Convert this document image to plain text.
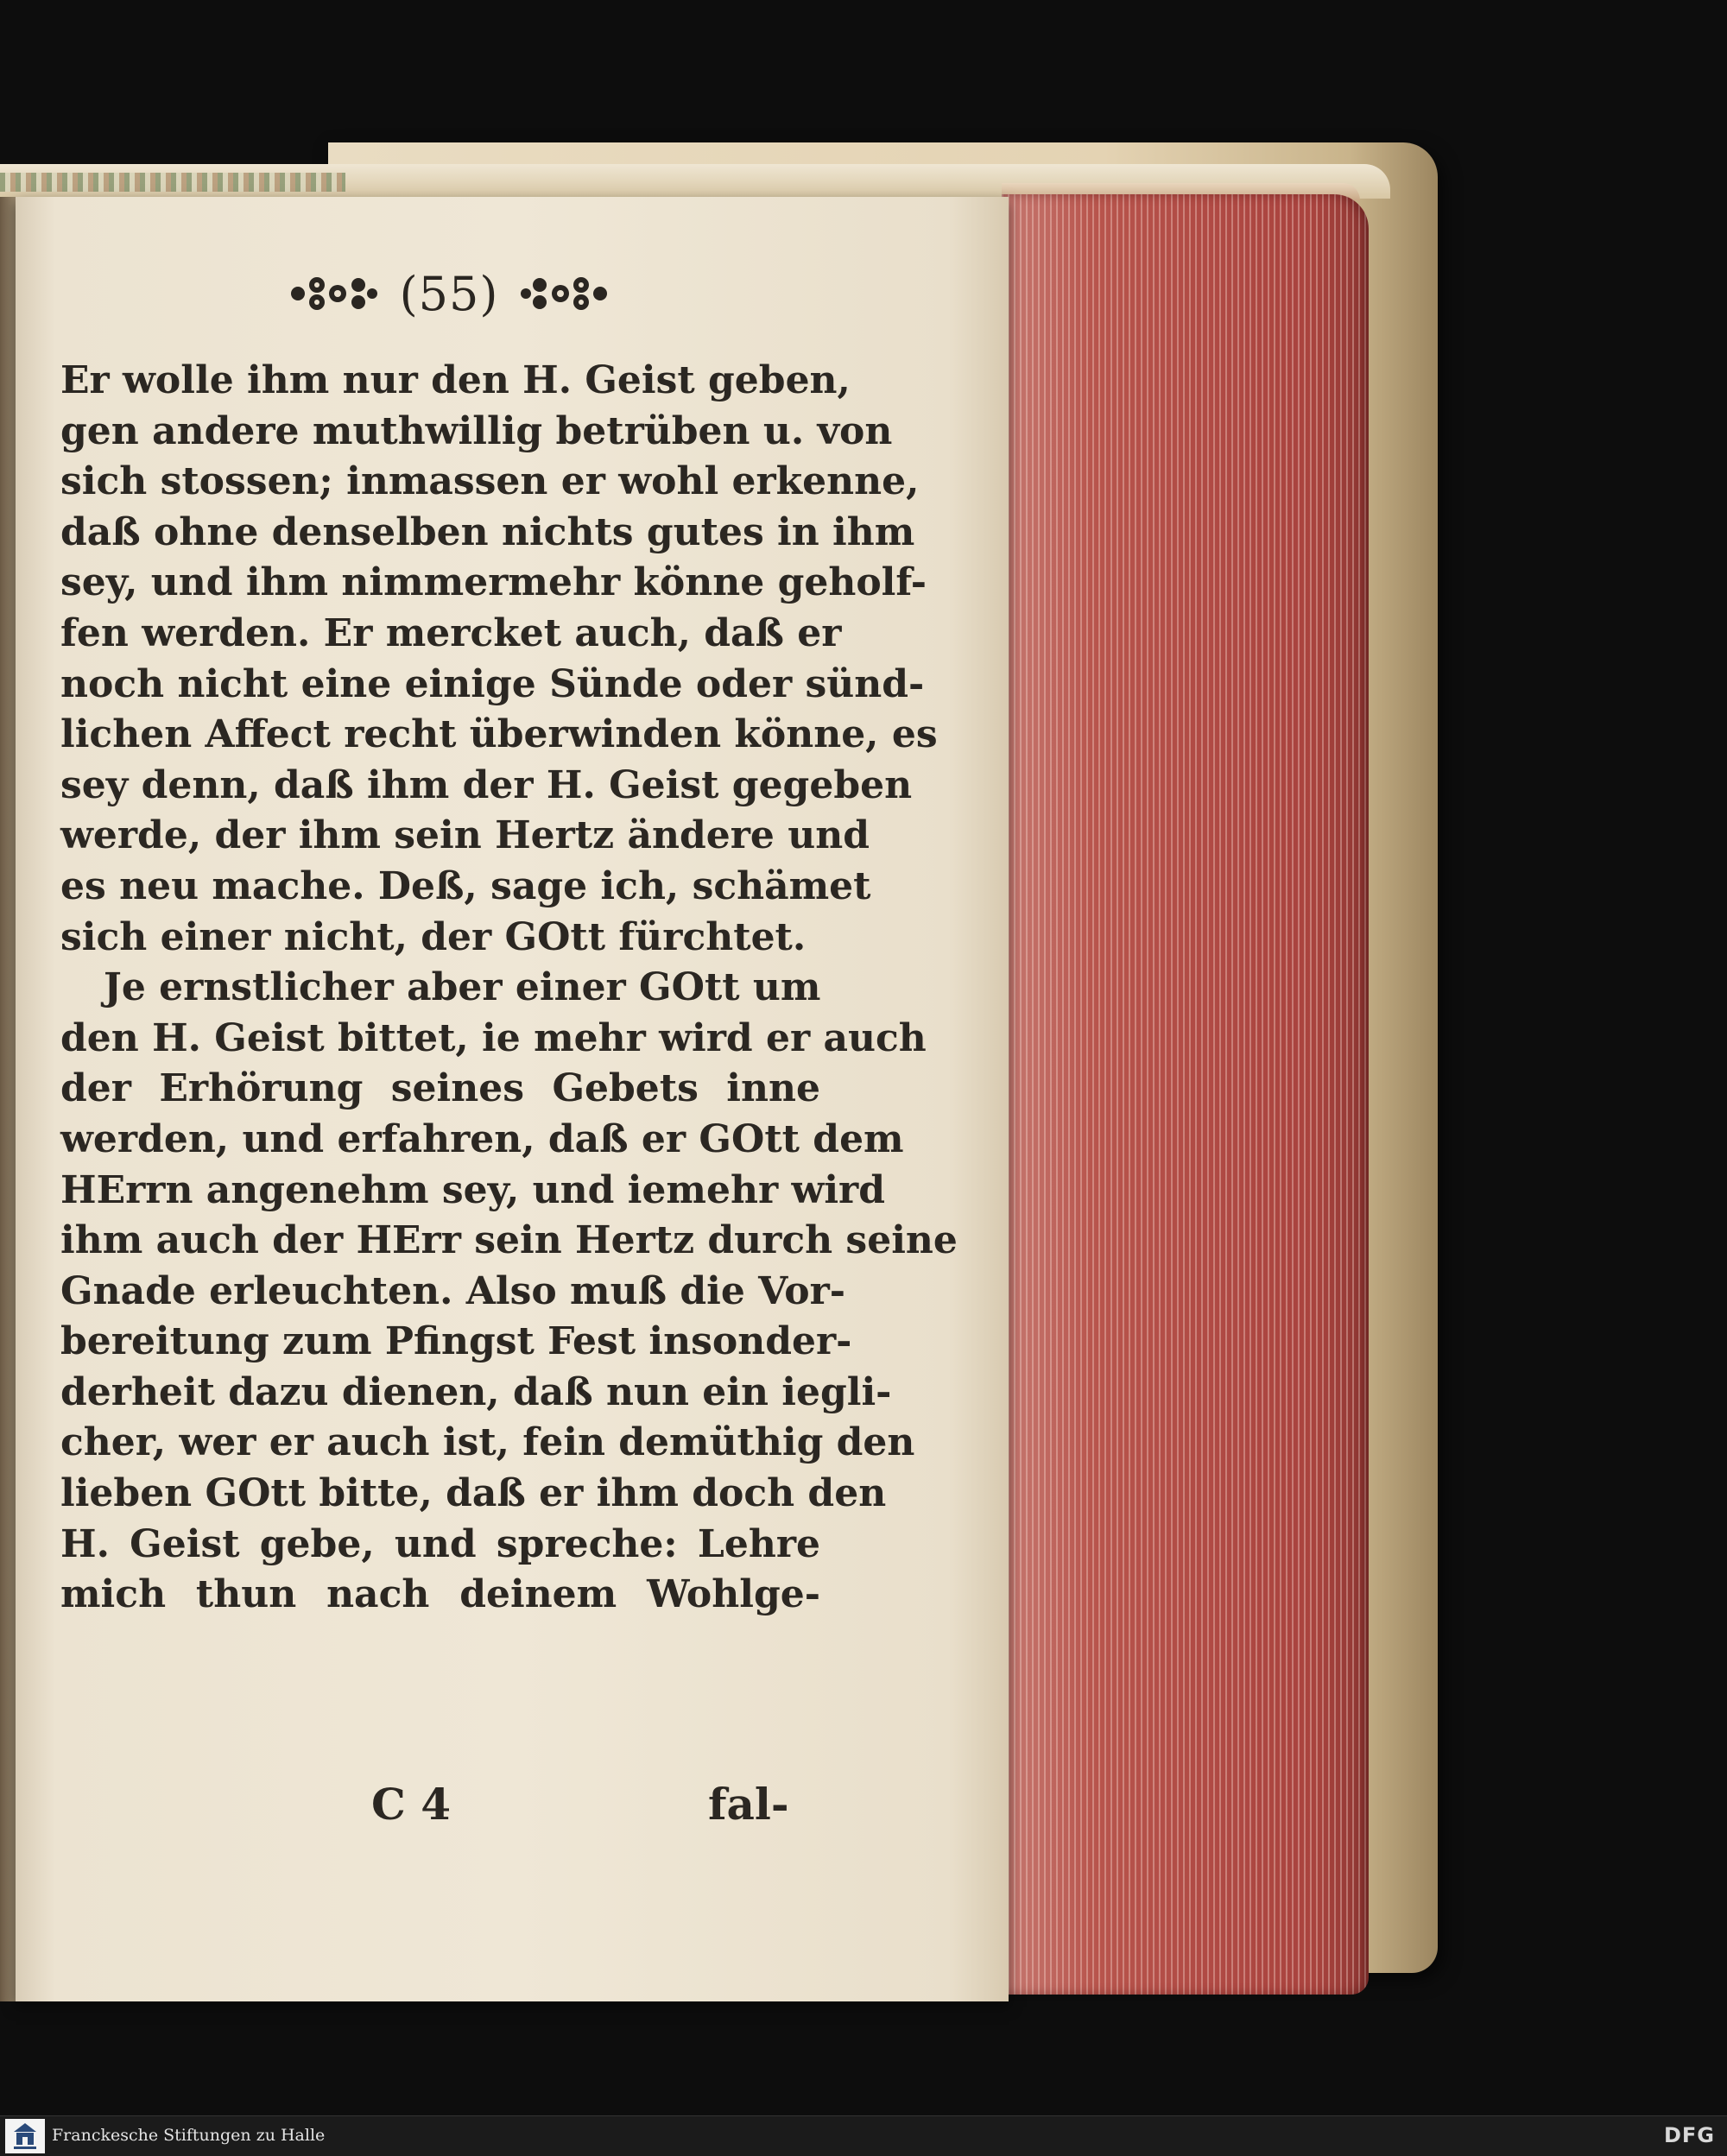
(55)
Er wolle ihm nur den H. Geist geben,
gen andere muthwillig betrüben u. von
sich stossen; inmassen er wohl erkenne,
daß ohne denselben nichts gutes in ihm
sey, und ihm nimmermehr könne geholf-
fen werden. Er mercket auch, daß er
noch nicht eine einige Sünde oder sünd-
lichen Affect recht überwinden könne, es
sey denn, daß ihm der H. Geist gegeben
werde, der ihm sein Hertz ändere und
es neu mache. Deß, sage ich, schämet
sich einer nicht, der GOtt fürchtet.
Je ernstlicher aber einer GOtt um
den H. Geist bittet, ie mehr wird er auch
der Erhörung seines Gebets inne
werden, und erfahren, daß er GOtt dem
HErrn angenehm sey, und iemehr wird
ihm auch der HErr sein Hertz durch seine
Gnade erleuchten. Also muß die Vor-
bereitung zum Pfingst Fest insonder-
derheit dazu dienen, daß nun ein iegli-
cher, wer er auch ist, fein demüthig den
lieben GOtt bitte, daß er ihm doch den
H. Geist gebe, und spreche: Lehre
mich thun nach deinem Wohlge-
C 4	fal-
Franckesche Stiftungen zu Halle	DFG
